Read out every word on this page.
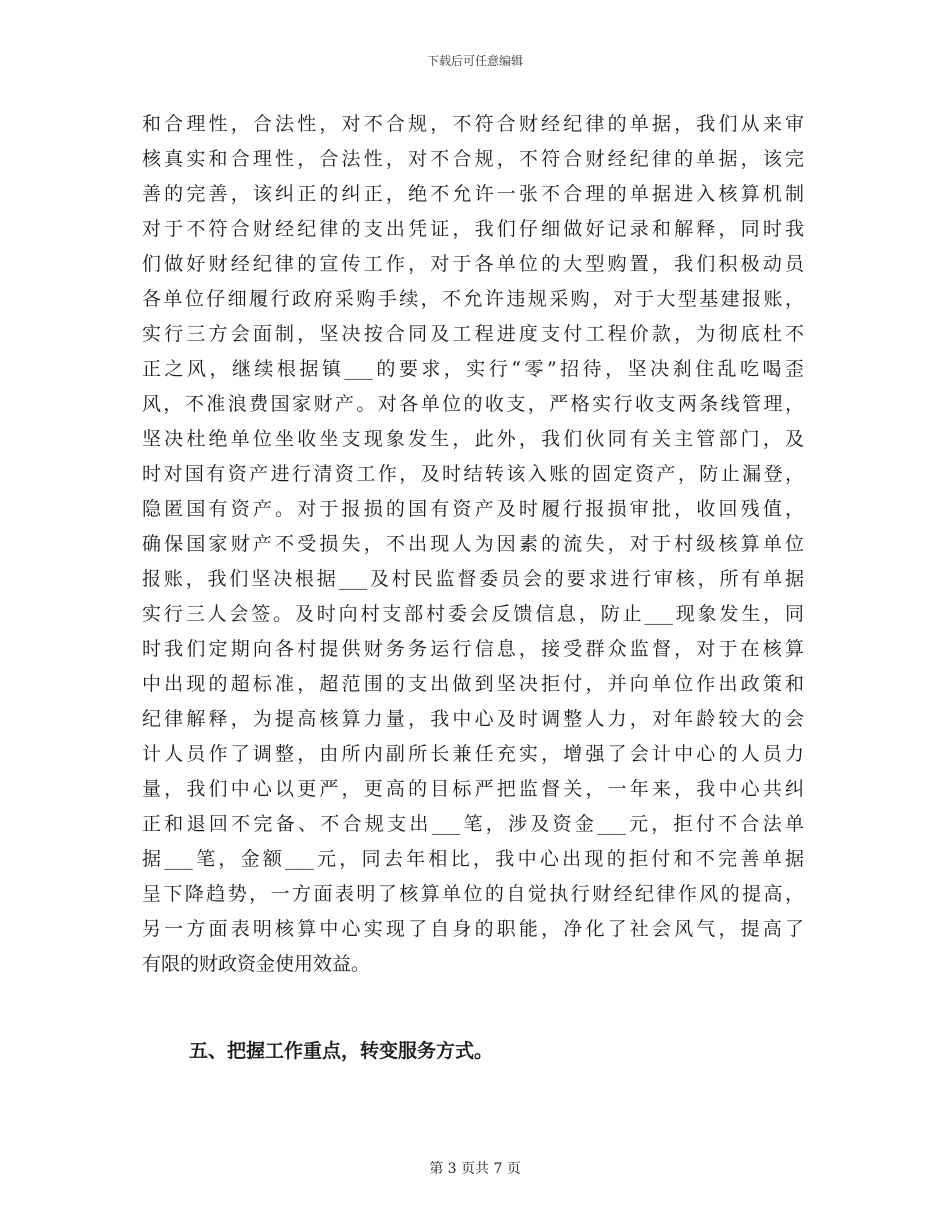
下载后可任意编辑
和合理性，合法性，对不合规，不符合财经纪律的单据，我们从来审
核真实和合理性，合法性，对不合规，不符合财经纪律的单据，该完
善的完善，该纠正的纠正，绝不允许一张不合理的单据进入核算机制
对于不符合财经纪律的支出凭证，我们仔细做好记录和解释，同时我
们做好财经纪律的宣传工作，对于各单位的大型购置，我们积极动员
各单位仔细履行政府采购手续，不允许违规采购，对于大型基建报账，
实行三方会面制，坚决按合同及工程进度支付工程价款，为彻底杜不
正之风，继续根据镇___的要求，实行“零”招待，坚决刹住乱吃喝歪
风，不准浪费国家财产。对各单位的收支，严格实行收支两条线管理，
坚决杜绝单位坐收坐支现象发生，此外，我们伙同有关主管部门，及
时对国有资产进行清资工作，及时结转该入账的固定资产，防止漏登，
隐匿国有资产。对于报损的国有资产及时履行报损审批，收回残值，
确保国家财产不受损失，不出现人为因素的流失，对于村级核算单位
报账，我们坚决根据___及村民监督委员会的要求进行审核，所有单据
实行三人会签。及时向村支部村委会反馈信息，防止___现象发生，同
时我们定期向各村提供财务务运行信息，接受群众监督，对于在核算
中出现的超标准，超范围的支出做到坚决拒付，并向单位作出政策和
纪律解释，为提高核算力量，我中心及时调整人力，对年龄较大的会
计人员作了调整，由所内副所长兼任充实，增强了会计中心的人员力
量，我们中心以更严，更高的目标严把监督关，一年来，我中心共纠
正和退回不完备、不合规支出___笔，涉及资金___元，拒付不合法单
据___笔，金额___元，同去年相比，我中心出现的拒付和不完善单据
呈下降趋势，一方面表明了核算单位的自觉执行财经纪律作风的提高，
另一方面表明核算中心实现了自身的职能，净化了社会风气，提高了
有限的财政资金使用效益。
五、把握工作重点，转变服务方式。
第 3 页共 7 页
